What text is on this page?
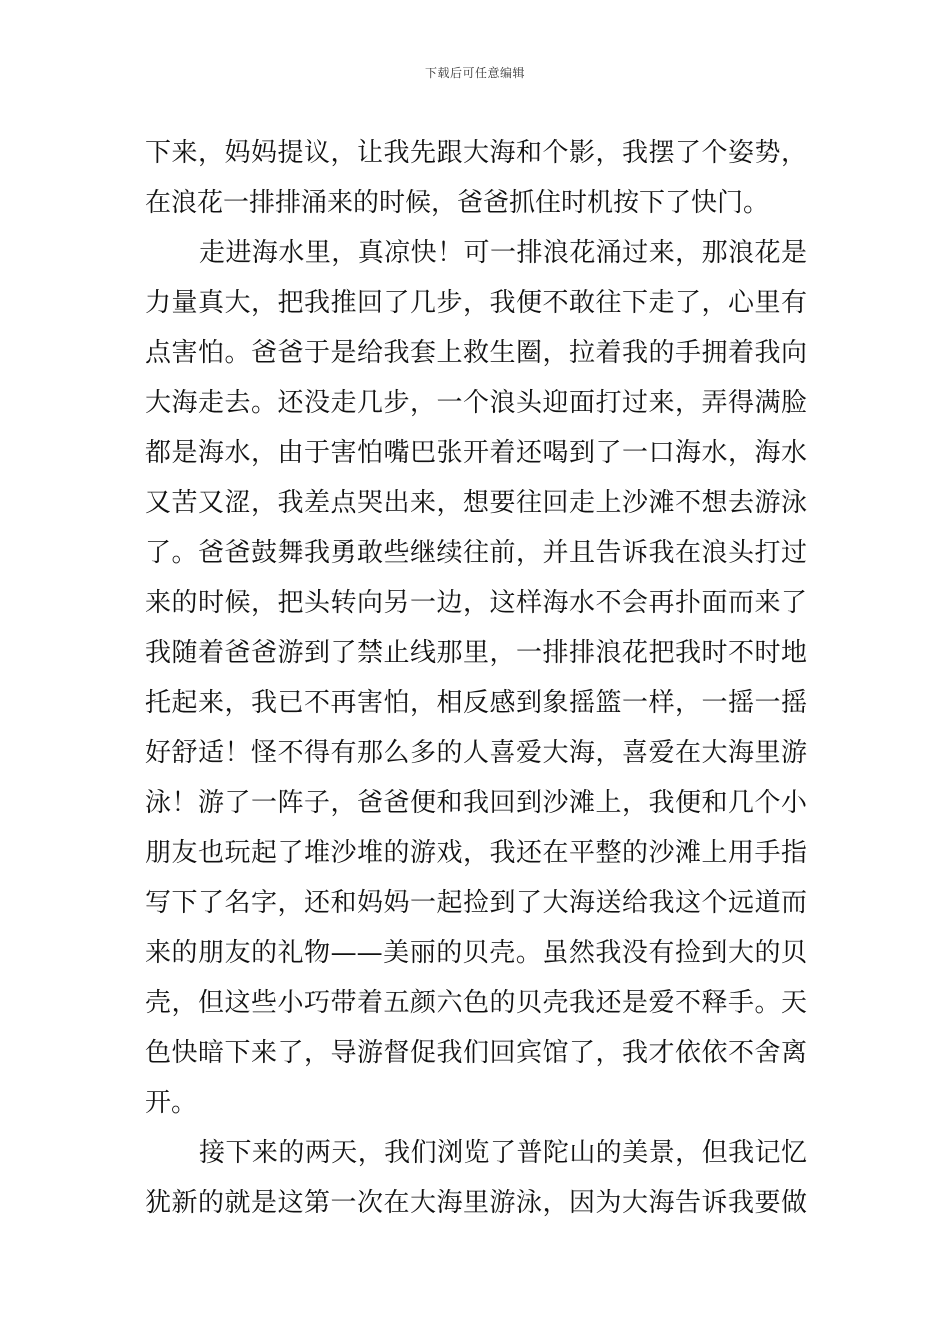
下载后可任意编辑
下来，妈妈提议，让我先跟大海和个影，我摆了个姿势，
在浪花一排排涌来的时候，爸爸抓住时机按下了快门。
走进海水里，真凉快！可一排浪花涌过来，那浪花是
力量真大，把我推回了几步，我便不敢往下走了，心里有
点害怕。爸爸于是给我套上救生圈，拉着我的手拥着我向
大海走去。还没走几步，一个浪头迎面打过来，弄得满脸
都是海水，由于害怕嘴巴张开着还喝到了一口海水，海水
又苦又涩，我差点哭出来，想要往回走上沙滩不想去游泳
了。爸爸鼓舞我勇敢些继续往前，并且告诉我在浪头打过
来的时候，把头转向另一边，这样海水不会再扑面而来了
我随着爸爸游到了禁止线那里，一排排浪花把我时不时地
托起来，我已不再害怕，相反感到象摇篮一样，一摇一摇
好舒适！怪不得有那么多的人喜爱大海，喜爱在大海里游
泳！游了一阵子，爸爸便和我回到沙滩上，我便和几个小
朋友也玩起了堆沙堆的游戏，我还在平整的沙滩上用手指
写下了名字，还和妈妈一起捡到了大海送给我这个远道而
来的朋友的礼物——美丽的贝壳。虽然我没有捡到大的贝
壳，但这些小巧带着五颜六色的贝壳我还是爱不释手。天
色快暗下来了，导游督促我们回宾馆了，我才依依不舍离
开。
接下来的两天，我们浏览了普陀山的美景，但我记忆
犹新的就是这第一次在大海里游泳，因为大海告诉我要做
